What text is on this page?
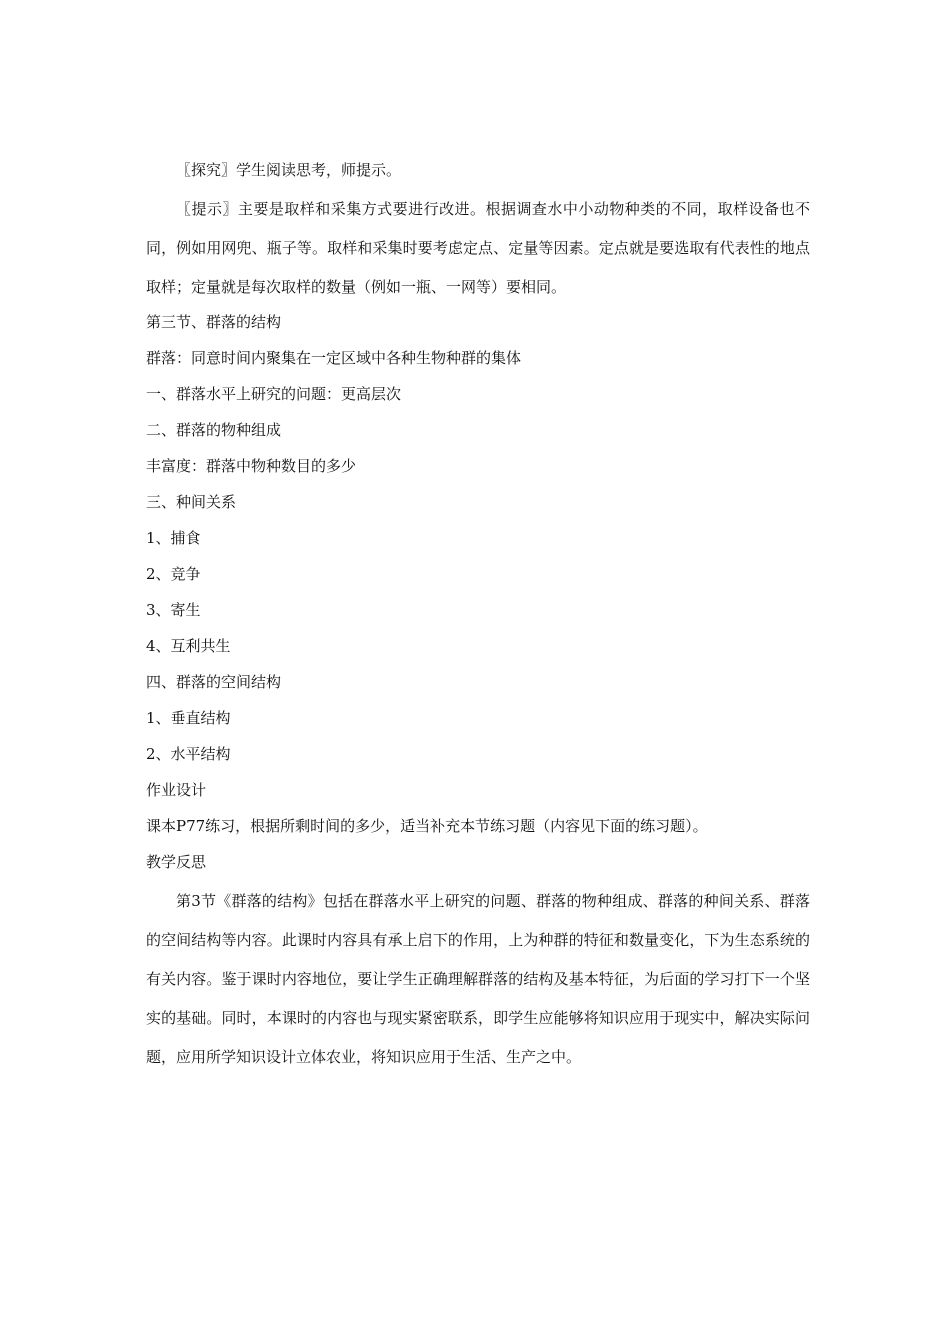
〖探究〗学生阅读思考，师提示。

〖提示〗主要是取样和采集方式要进行改进。根据调查水中小动物种类的不同，取样设备也不同，例如用网兜、瓶子等。取样和采集时要考虑定点、定量等因素。定点就是要选取有代表性的地点取样；定量就是每次取样的数量（例如一瓶、一网等）要相同。

第三节、群落的结构

群落：同意时间内聚集在一定区域中各种生物种群的集体

一、群落水平上研究的问题：更高层次

二、群落的物种组成

丰富度：群落中物种数目的多少

三、种间关系

1、捕食

2、竞争

3、寄生

4、互利共生

四、群落的空间结构

1、垂直结构

2、水平结构

作业设计

课本P77练习，根据所剩时间的多少，适当补充本节练习题（内容见下面的练习题）。

教学反思

第3节《群落的结构》包括在群落水平上研究的问题、群落的物种组成、群落的种间关系、群落的空间结构等内容。此课时内容具有承上启下的作用，上为种群的特征和数量变化，下为生态系统的有关内容。鉴于课时内容地位，要让学生正确理解群落的结构及基本特征，为后面的学习打下一个坚实的基础。同时，本课时的内容也与现实紧密联系，即学生应能够将知识应用于现实中，解决实际问题，应用所学知识设计立体农业，将知识应用于生活、生产之中。
